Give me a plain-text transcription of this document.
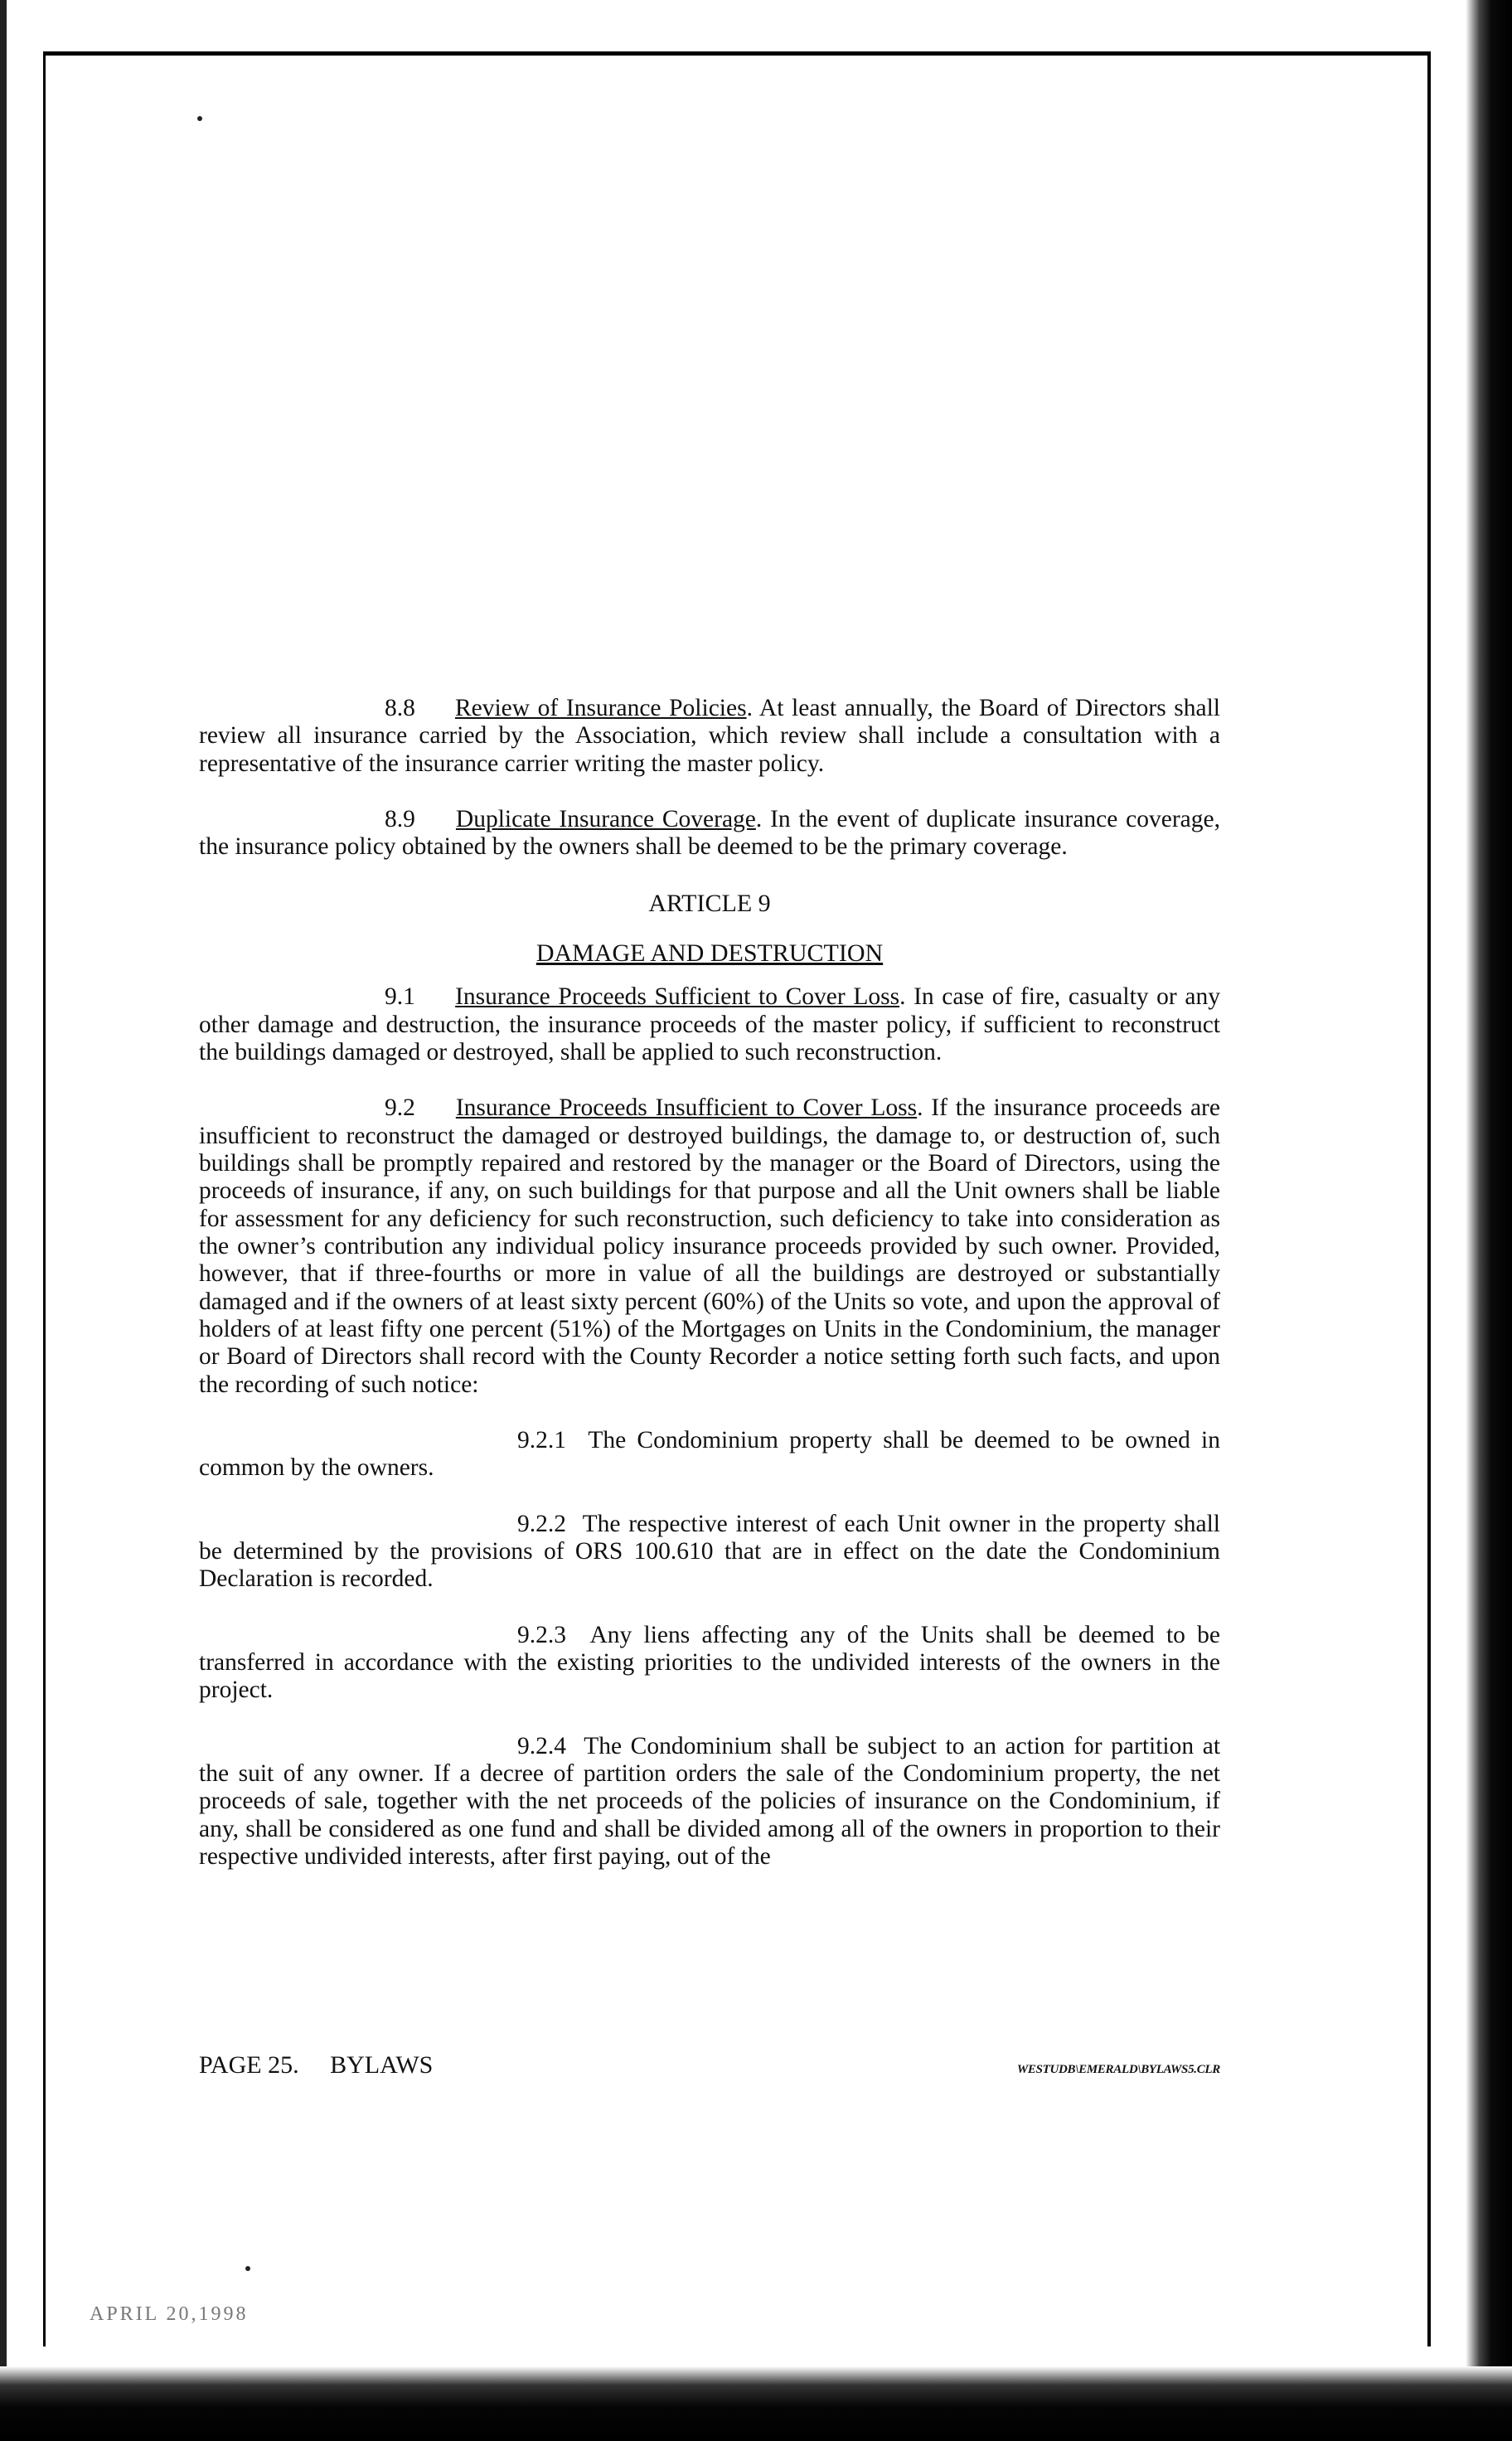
8.8 Review of Insurance Policies. At least annually, the Board of Directors shall review all insurance carried by the Association, which review shall include a consultation with a representative of the insurance carrier writing the master policy.

8.9 Duplicate Insurance Coverage. In the event of duplicate insurance coverage, the insurance policy obtained by the owners shall be deemed to be the primary coverage.

ARTICLE 9

DAMAGE AND DESTRUCTION

9.1 Insurance Proceeds Sufficient to Cover Loss. In case of fire, casualty or any other damage and destruction, the insurance proceeds of the master policy, if sufficient to reconstruct the buildings damaged or destroyed, shall be applied to such reconstruction.

9.2 Insurance Proceeds Insufficient to Cover Loss. If the insurance proceeds are insufficient to reconstruct the damaged or destroyed buildings, the damage to, or destruction of, such buildings shall be promptly repaired and restored by the manager or the Board of Directors, using the proceeds of insurance, if any, on such buildings for that purpose and all the Unit owners shall be liable for assessment for any deficiency for such reconstruction, such deficiency to take into consideration as the owner’s contribution any individual policy insurance proceeds provided by such owner. Provided, however, that if three-fourths or more in value of all the buildings are destroyed or substantially damaged and if the owners of at least sixty percent (60%) of the Units so vote, and upon the approval of holders of at least fifty one percent (51%) of the Mortgages on Units in the Condominium, the manager or Board of Directors shall record with the County Recorder a notice setting forth such facts, and upon the recording of such notice:

9.2.1 The Condominium property shall be deemed to be owned in common by the owners.

9.2.2 The respective interest of each Unit owner in the property shall be determined by the provisions of ORS 100.610 that are in effect on the date the Condominium Declaration is recorded.

9.2.3 Any liens affecting any of the Units shall be deemed to be transferred in accordance with the existing priorities to the undivided interests of the owners in the project.

9.2.4 The Condominium shall be subject to an action for partition at the suit of any owner. If a decree of partition orders the sale of the Condominium property, the net proceeds of sale, together with the net proceeds of the policies of insurance on the Condominium, if any, shall be considered as one fund and shall be divided among all of the owners in proportion to their respective undivided interests, after first paying, out of the

PAGE 25. BYLAWS	WESTUDB\EMERALD\BYLAWS5.CLR
APRIL 20,1998
